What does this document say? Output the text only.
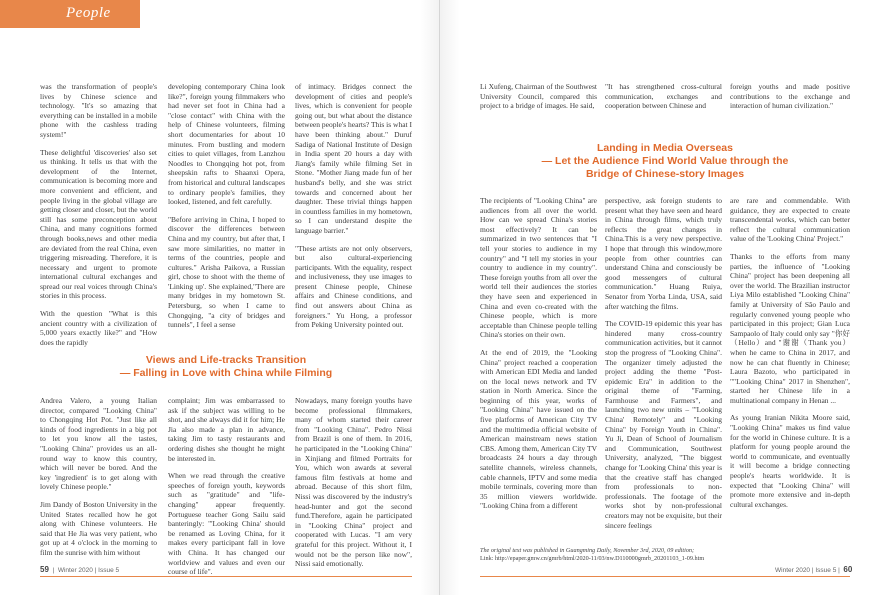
People

was the transformation of people's lives by Chinese science and technology. "It's so amazing that everything can be installed in a mobile phone with the cashless trading system!"

These delightful 'discoveries' also set us thinking. It tells us that with the development of the Internet, communication is becoming more and more convenient and efficient, and people living in the global village are getting closer and closer, but the world still has some preconception about China, and many cognitions formed through books,news and other media are deviated from the real China, even triggering misreading. Therefore, it is necessary and urgent to promote international cultural exchanges and spread our real voices through China's stories in this process.

With the question "What is this ancient country with a civilization of 5,000 years exactly like?" and "How does the rapidly

developing contemporary China look like?", foreign young filmmakers who had never set foot in China had a "close contact" with China with the help of Chinese volunteers, filming short documentaries for about 10 minutes. From bustling and modern cities to quiet villages, from Lanzhou Noodles to Chongqing hot pot, from sheepskin rafts to Shaanxi Opera, from historical and cultural landscapes to ordinary people's families, they looked, listened, and felt carefully.

"Before arriving in China, I hoped to discover the differences between China and my country, but after that, I saw more similarities, no matter in terms of the countries, people and cultures." Arisha Paikova, a Russian girl, chose to shoot with the theme of 'Linking up'. She explained,"There are many bridges in my hometown St. Petersburg, so when I came to Chongqing, "a city of bridges and tunnels", I feel a sense

of intimacy. Bridges connect the development of cities and people's lives, which is convenient for people going out, but what about the distance between people's hearts? This is what I have been thinking about." Duruf Sadiga of National Institute of Design in India spent 20 hours a day with Jiang's family while filming Set in Stone. "Mother Jiang made fun of her husband's belly, and she was strict towards and concerned about her daughter. These trivial things happen in countless families in my hometown, so I can understand despite the language barrier."

"These artists are not only observers, but also cultural-experiencing participants. With the equality, respect and inclusiveness, they use images to present Chinese people, Chinese affairs and Chinese conditions, and find out answers about China as foreigners." Yu Hong, a professor from Peking University pointed out.

Views and Life-tracks Transition
— Falling in Love with China while Filming

Andrea Valero, a young Italian director, compared "Looking China" to Chongqing Hot Pot. "Just like all kinds of food ingredients in a big pot to let you know all the tastes, "Looking China" provides us an all-round way to know this country, which will never be bored. And the key 'ingredient' is to get along with lovely Chinese people."

Jim Dandy of Boston University in the United States recalled how he got along with Chinese volunteers. He said that He Jia was very patient, who got up at 4 o'clock in the morning to film the sunrise with him without

complaint; Jim was embarrassed to ask if the subject was willing to be shot, and she always did it for him; He Jia also made a plan in advance, taking Jim to tasty restaurants and ordering dishes she thought he might be interested in.

When we read through the creative speeches of foreign youth, keywords such as "gratitude" and "life-changing" appear frequently. Portuguese teacher Gong Sailu said banteringly: "'Looking China' should be renamed as Loving China, for it makes every participant fall in love with China. It has changed our worldview and values and even our course of life".

Nowadays, many foreign youths have become professional filmmakers, many of whom started their career from "Looking China". Pedro Nissi from Brazil is one of them. In 2016, he participated in the "Looking China" in Xinjiang and filmed Portraits for You, which won awards at several famous film festivals at home and abroad. Because of this short film, Nissi was discovered by the industry's head-hunter and got the second fund.Therefore, again he participated in "Looking China" project and cooperated with Lucas. "I am very grateful for this project. Without it, I would not be the person like now", Nissi said emotionally.

59  |  Winter 2020 | Issue 5

Li Xufeng, Chairman of the Southwest University Council, compared this project to a bridge of images. He said,

"It has strengthened cross-cultural communication, exchanges and cooperation between Chinese and

foreign youths and made positive contributions to the exchange and interaction of human civilization."

Landing in Media Overseas
— Let the Audience Find World Value through the
Bridge of Chinese-story Images

The recipients of "Looking China" are audiences from all over the world. How can we spread China's stories most effectively? It can be summarized in two sentences that "I tell your stories to audience in my country" and "I tell my stories in your country to audience in my country". These foreign youths from all over the world tell their audiences the stories they have seen and experienced in China and even co-created with the Chinese people, which is more acceptable than Chinese people telling China's stories on their own.

At the end of 2019, the "Looking China" project reached a cooperation with American EDI Media and landed on the local news network and TV station in North America. Since the beginning of this year, works of "Looking China" have issued on the five platforms of American City TV and the multimedia official website of American mainstream news station CBS. Among them, American City TV broadcasts 24 hours a day through satellite channels, wireless channels, cable channels, IPTV and some media mobile terminals, covering more than 35 million viewers worldwide. "Looking China from a different

perspective, ask foreign students to present what they have seen and heard in China through films, which truly reflects the great changes in China.This is a very new perspective. I hope that through this window,more people from other countries can understand China and consciously be good messengers of cultural communication." Huang Ruiya, Senator from Yorba Linda, USA, said after watching the films.

The COVID-19 epidemic this year has hindered many cross-country communication activities, but it cannot stop the progress of "Looking China". The organizer timely adjusted the project adding the theme "Post-epidemic Era" in addition to the original theme of "Farming, Farmhouse and Farmers", and launching two new units – "'Looking China' Remotely" and "Looking China" by Foreign Youth in China". Yu Ji, Dean of School of Journalism and Communication, Southwest University, analyzed, "The biggest change for 'Looking China' this year is that the creative staff has changed from professionals to non-professionals. The footage of the works shot by non-professional creators may not be exquisite, but their sincere feelings

are rare and commendable. With guidance, they are expected to create transcendental works, which can better reflect the cultural communication value of the 'Looking China' Project."

Thanks to the efforts from many parties, the influence of "Looking China" project has been deepening all over the world. The Brazilian instructor Liya Milo established "Looking China" family at University of São Paulo and regularly convened young people who participated in this project; Gian Luca Sampaolo of Italy could only say "你好（Hello）and "谢谢（Thank you）when he came to China in 2017, and now he can chat fluently in Chinese; Laura Bazoto, who participated in ""Looking China" 2017 in Shenzhen", started her Chinese life in a multinational company in Henan ...

As young Iranian Nikita Moore said, "Looking China" makes us find value for the world in Chinese culture. It is a platform for young people around the world to communicate, and eventually it will become a bridge connecting people's hearts worldwide. It is expected that "Looking China" will promote more extensive and in-depth cultural exchanges.

The original text was published in Guangming Daily, November 3rd, 2020, 09 edition;
Link: http://epaper.gmw.cn/gmrb/html/2020-11/03/nw.D110000gmrb_20201103_1-09.htm
Winter 2020 | Issue 5 | 60
